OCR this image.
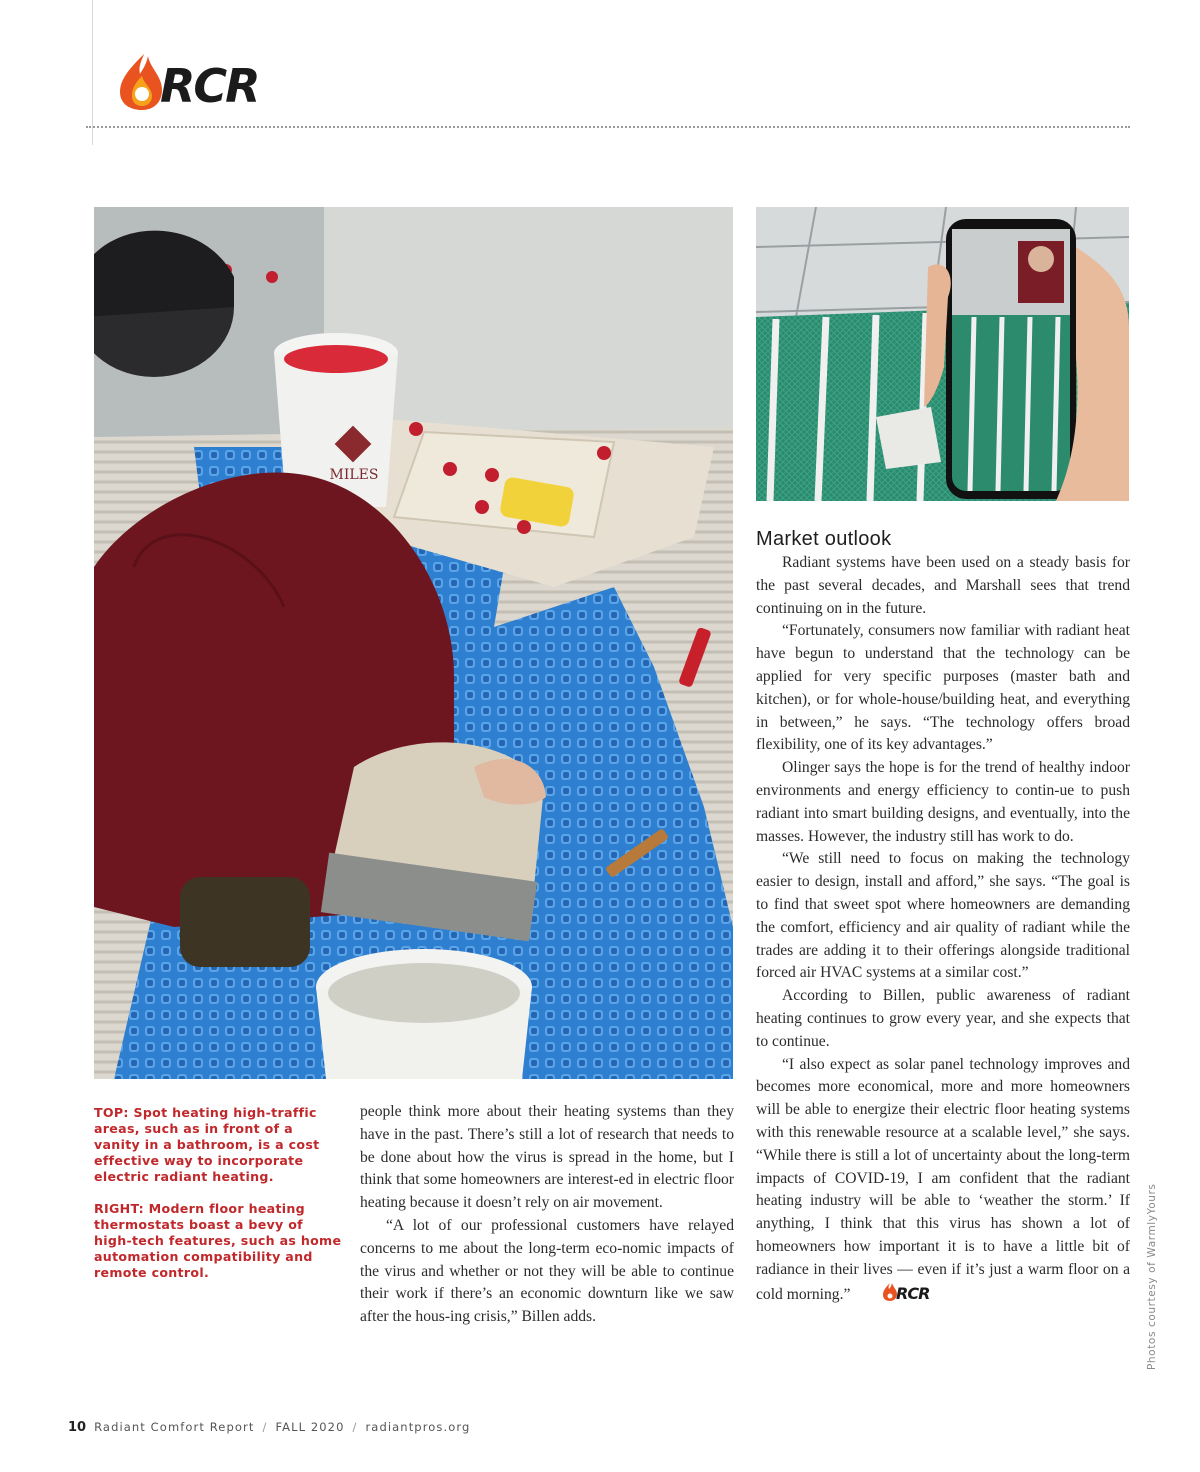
RCR
MILES

TOP: Spot heating high-traffic areas, such as in front of a vanity in a bathroom, is a cost effective way to incorporate electric radiant heating.

RIGHT: Modern floor heating thermostats boast a bevy of high-tech features, such as home automation compatibility and remote control.

people think more about their heating systems than they have in the past. There’s still a lot of research that needs to be done about how the virus is spread in the home, but I think that some homeowners are interest-ed in electric floor heating because it doesn’t rely on air movement.

“A lot of our professional customers have relayed concerns to me about the long-term eco-nomic impacts of the virus and whether or not they will be able to continue their work if there’s an economic downturn like we saw after the hous-ing crisis,” Billen adds.

Market outlook

Radiant systems have been used on a steady basis for the past several decades, and Marshall sees that trend continuing on in the future.

“Fortunately, consumers now familiar with radiant heat have begun to understand that the technology can be applied for very specific purposes (master bath and kitchen), or for whole-house/building heat, and everything in between,” he says. “The technology offers broad flexibility, one of its key advantages.”

Olinger says the hope is for the trend of healthy indoor environments and energy efficiency to contin-ue to push radiant into smart building designs, and eventually, into the masses. However, the industry still has work to do.

“We still need to focus on making the technology easier to design, install and afford,” she says. “The goal is to find that sweet spot where homeowners are demanding the comfort, efficiency and air quality of radiant while the trades are adding it to their offerings alongside traditional forced air HVAC systems at a similar cost.”

According to Billen, public awareness of radiant heating continues to grow every year, and she expects that to continue.

“I also expect as solar panel technology improves and becomes more economical, more and more homeowners will be able to energize their electric floor heating systems with this renewable resource at a scalable level,” she says. “While there is still a lot of uncertainty about the long-term impacts of COVID-19, I am confident that the radiant heating industry will be able to ‘weather the storm.’ If anything, I think that this virus has shown a lot of homeowners how important it is to have a little bit of radiance in their lives — even if it’s just a warm floor on a cold morning.”	RCR	Photos courtesy of WarmlyYours
10 Radiant Comfort Report / FALL 2020 / radiantpros.org
